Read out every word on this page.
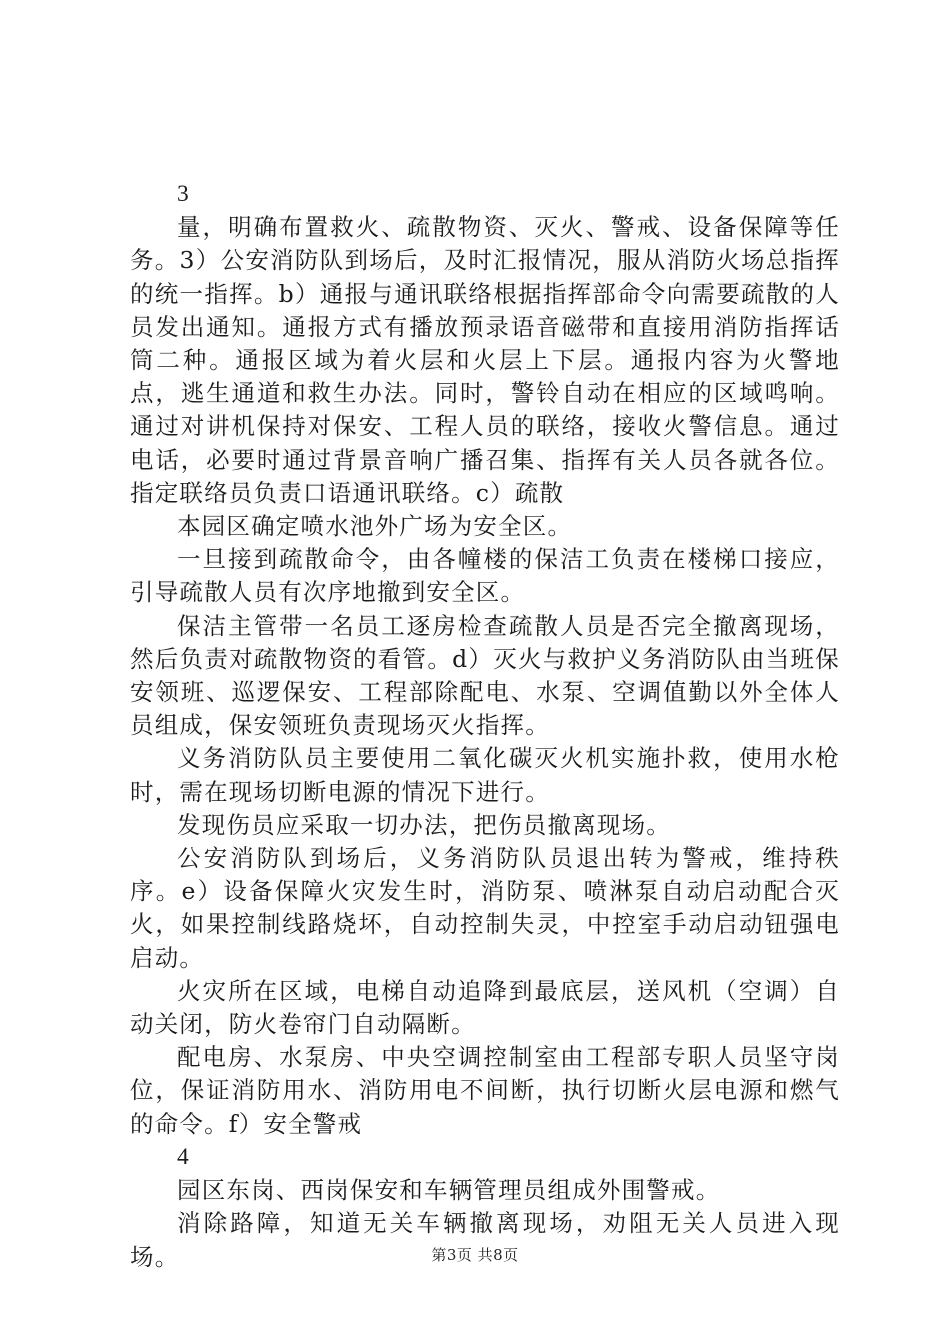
3

量，明确布置救火、疏散物资、灭火、警戒、设备保障等任务。3）公安消防队到场后，及时汇报情况，服从消防火场总指挥的统一指挥。b）通报与通讯联络根据指挥部命令向需要疏散的人员发出通知。通报方式有播放预录语音磁带和直接用消防指挥话筒二种。通报区域为着火层和火层上下层。通报内容为火警地点，逃生通道和救生办法。同时，警铃自动在相应的区域鸣响。通过对讲机保持对保安、工程人员的联络，接收火警信息。通过电话，必要时通过背景音响广播召集、指挥有关人员各就各位。指定联络员负责口语通讯联络。c）疏散

本园区确定喷水池外广场为安全区。

一旦接到疏散命令，由各幢楼的保洁工负责在楼梯口接应，引导疏散人员有次序地撤到安全区。

保洁主管带一名员工逐房检查疏散人员是否完全撤离现场，然后负责对疏散物资的看管。d）灭火与救护义务消防队由当班保安领班、巡逻保安、工程部除配电、水泵、空调值勤以外全体人员组成，保安领班负责现场灭火指挥。

义务消防队员主要使用二氧化碳灭火机实施扑救，使用水枪时，需在现场切断电源的情况下进行。

发现伤员应采取一切办法，把伤员撤离现场。

公安消防队到场后，义务消防队员退出转为警戒，维持秩序。e）设备保障火灾发生时，消防泵、喷淋泵自动启动配合灭火，如果控制线路烧坏，自动控制失灵，中控室手动启动钮强电启动。

火灾所在区域，电梯自动追降到最底层，送风机（空调）自动关闭，防火卷帘门自动隔断。

配电房、水泵房、中央空调控制室由工程部专职人员坚守岗位，保证消防用水、消防用电不间断，执行切断火层电源和燃气的命令。f）安全警戒

4

园区东岗、西岗保安和车辆管理员组成外围警戒。

消除路障，知道无关车辆撤离现场，劝阻无关人员进入现场。	第3页 共8页
